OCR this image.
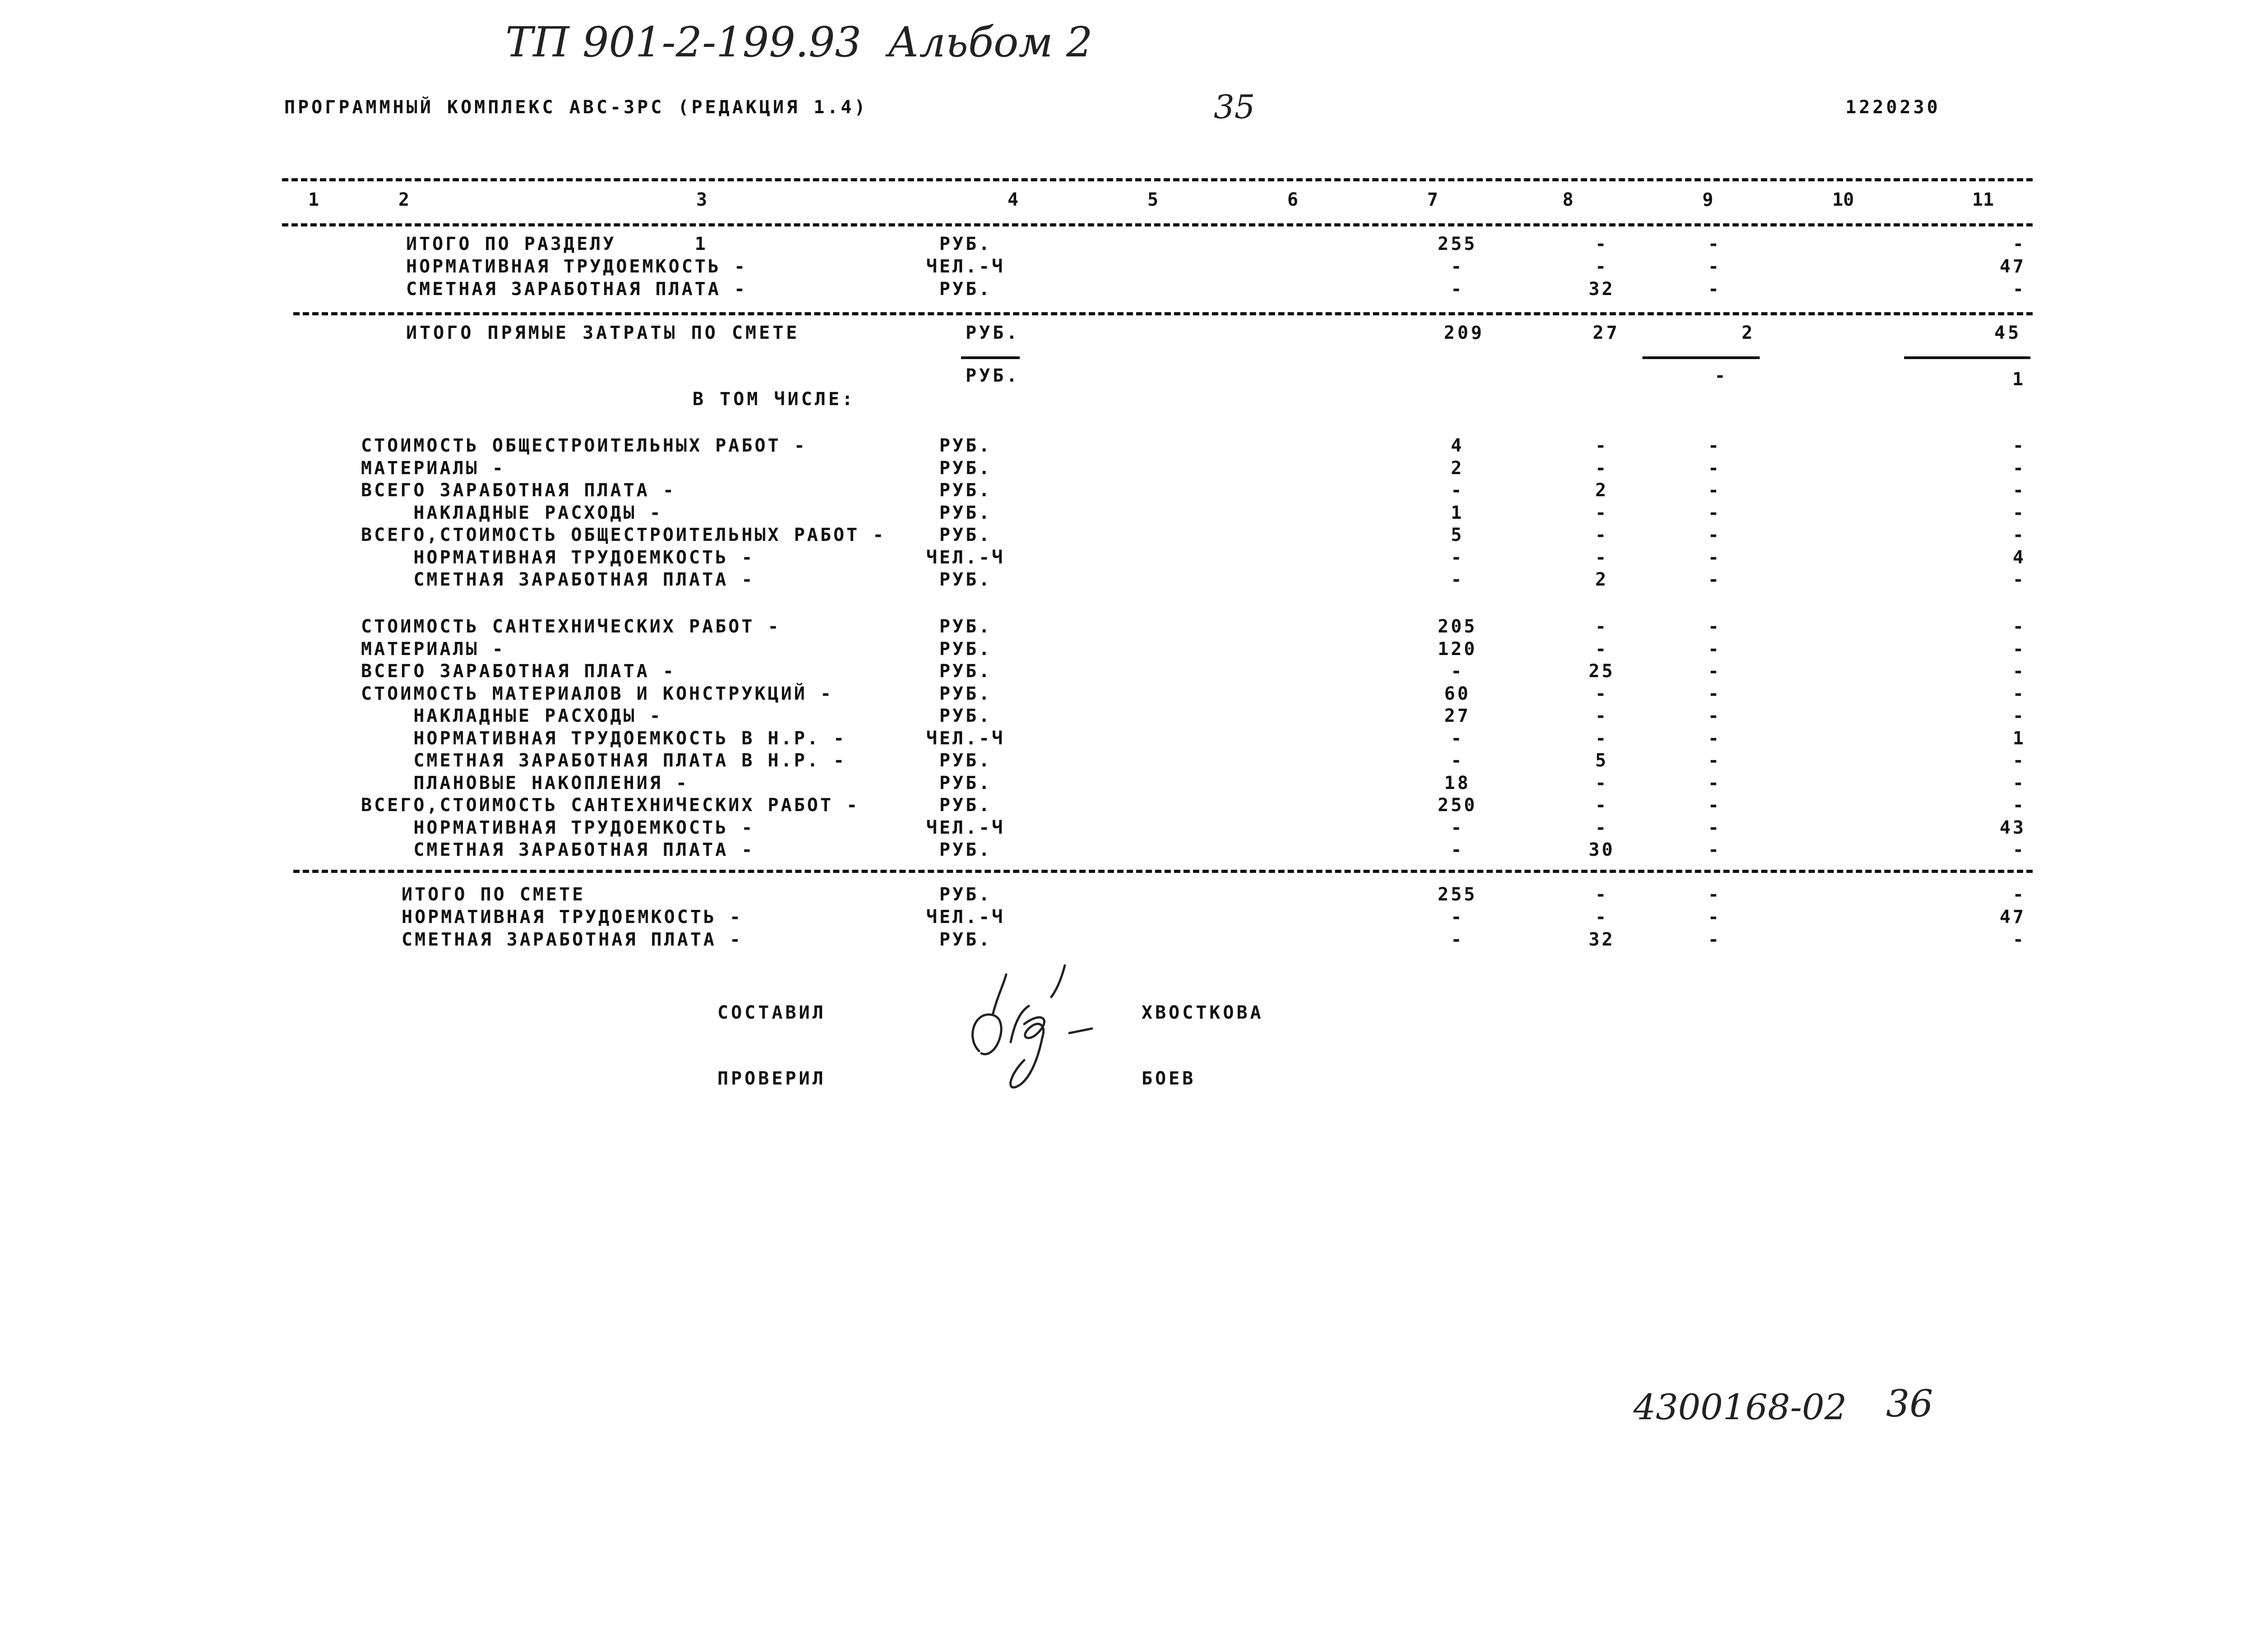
ТП 901-2-199.93  Альбом 2
ПРОГРАММНЫЙ КОМПЛЕКС АВС-ЗРС (РЕДАКЦИЯ 1.4)	35	1220230
1	2	3	4	5	6	7	8	9	10	11
ИТОГО ПО РАЗДЕЛУ      1	РУБ.	255	-	-	-
НОРМАТИВНАЯ ТРУДОЕМКОСТЬ -	ЧЕЛ.-Ч	-	-	-	47
СМЕТНАЯ ЗАРАБОТНАЯ ПЛАТА -	РУБ.	-	32	-	-
ИТОГО ПРЯМЫЕ ЗАТРАТЫ ПО СМЕТЕ	РУБ.	209	27	2	45
РУБ.	-	1
В ТОМ ЧИСЛЕ:
СТОИМОСТЬ ОБЩЕСТРОИТЕЛЬНЫХ РАБОТ -	РУБ.	4	-	-	-
МАТЕРИАЛЫ -	РУБ.	2	-	-	-
ВСЕГО ЗАРАБОТНАЯ ПЛАТА -	РУБ.	-	2	-	-
НАКЛАДНЫЕ РАСХОДЫ -	РУБ.	1	-	-	-
ВСЕГО,СТОИМОСТЬ ОБЩЕСТРОИТЕЛЬНЫХ РАБОТ -	РУБ.	5	-	-	-
НОРМАТИВНАЯ ТРУДОЕМКОСТЬ -	ЧЕЛ.-Ч	-	-	-	4
СМЕТНАЯ ЗАРАБОТНАЯ ПЛАТА -	РУБ.	-	2	-	-
СТОИМОСТЬ САНТЕХНИЧЕСКИХ РАБОТ -	РУБ.	205	-	-	-
МАТЕРИАЛЫ -	РУБ.	120	-	-	-
ВСЕГО ЗАРАБОТНАЯ ПЛАТА -	РУБ.	-	25	-	-
СТОИМОСТЬ МАТЕРИАЛОВ И КОНСТРУКЦИЙ -	РУБ.	60	-	-	-
НАКЛАДНЫЕ РАСХОДЫ -	РУБ.	27	-	-	-
НОРМАТИВНАЯ ТРУДОЕМКОСТЬ В Н.Р. -	ЧЕЛ.-Ч	-	-	-	1
СМЕТНАЯ ЗАРАБОТНАЯ ПЛАТА В Н.Р. -	РУБ.	-	5	-	-
ПЛАНОВЫЕ НАКОПЛЕНИЯ -	РУБ.	18	-	-	-
ВСЕГО,СТОИМОСТЬ САНТЕХНИЧЕСКИХ РАБОТ -	РУБ.	250	-	-	-
НОРМАТИВНАЯ ТРУДОЕМКОСТЬ -	ЧЕЛ.-Ч	-	-	-	43
СМЕТНАЯ ЗАРАБОТНАЯ ПЛАТА -	РУБ.	-	30	-	-
ИТОГО ПО СМЕТЕ	РУБ.	255	-	-	-
НОРМАТИВНАЯ ТРУДОЕМКОСТЬ -	ЧЕЛ.-Ч	-	-	-	47
СМЕТНАЯ ЗАРАБОТНАЯ ПЛАТА -	РУБ.	-	32	-	-
СОСТАВИЛ	ХВОСТКОВА
ПРОВЕРИЛ	БОЕВ
4300168-02 36
